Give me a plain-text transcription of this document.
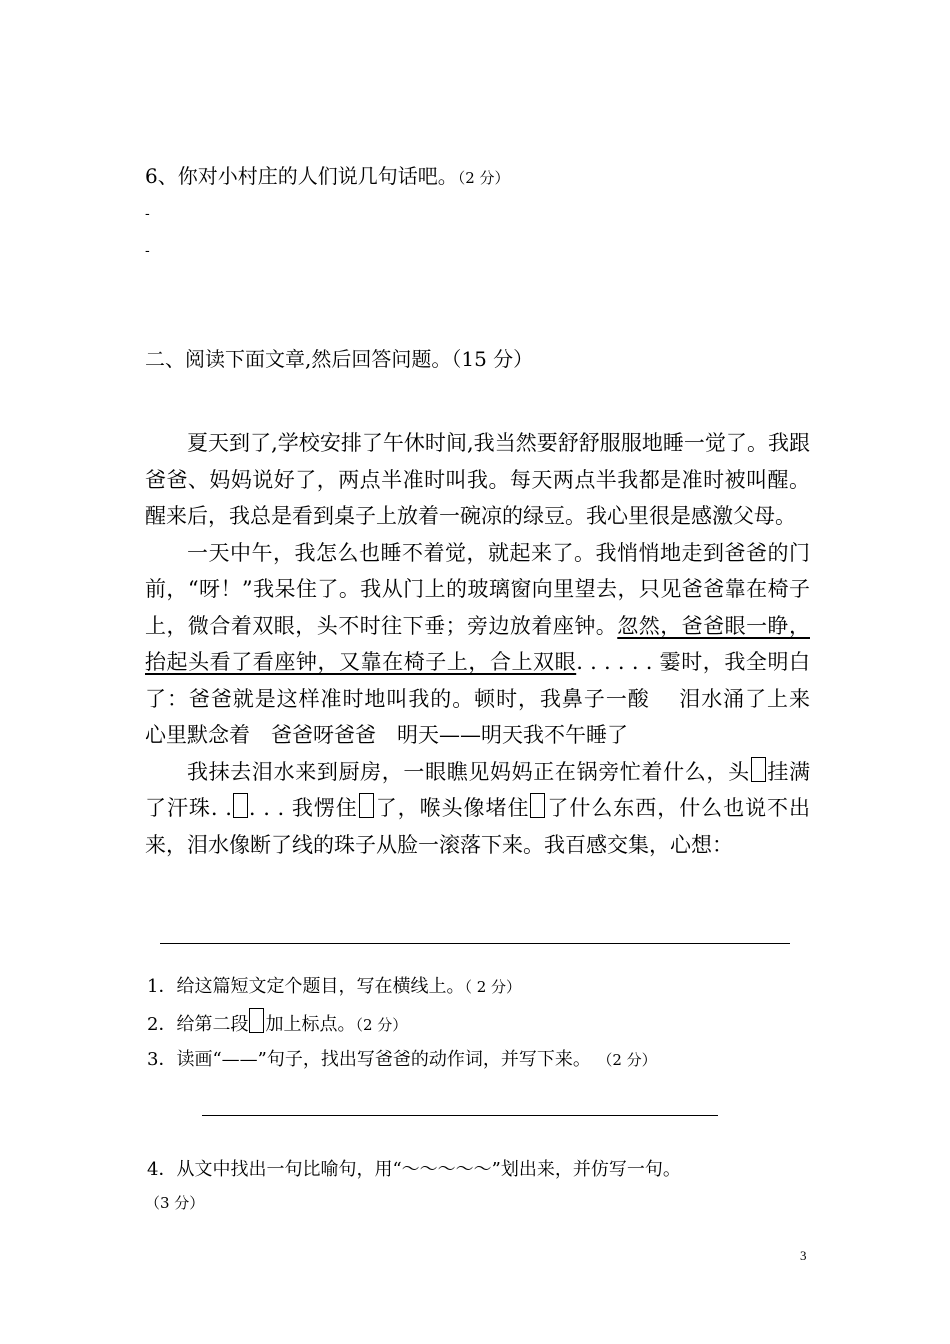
6、你对小村庄的人们说几句话吧。（2 分）
-
-
二、阅读下面文章,然后回答问题。（15 分）

夏天到了,学校安排了午休时间,我当然要舒舒服服地睡一觉了。我跟爸爸、妈妈说好了，两点半准时叫我。每天两点半我都是准时被叫醒。醒来后，我总是看到桌子上放着一碗凉的绿豆。我心里很是感激父母。

一天中午，我怎么也睡不着觉，就起来了。我悄悄地走到爸爸的门前，“呀！”我呆住了。我从门上的玻璃窗向里望去，只见爸爸靠在椅子上，微合着双眼，头不时往下垂；旁边放着座钟。忽然，爸爸眼一睁，抬起头看了看座钟，又靠在椅子上，合上双眼. . . . . . 霎时，我全明白了：爸爸就是这样准时地叫我的。顿时，我鼻子一酸　 泪水涌了上来　心里默念着　爸爸呀爸爸　明天——明天我不午睡了

我抹去泪水来到厨房，一眼瞧见妈妈正在锅旁忙着什么，头 挂满了汗珠. . . . . 我愣住 了，喉头像堵住 了什么东西，什么也说不出来，泪水像断了线的珠子从脸一滚落下来。我百感交集，心想：

1．给这篇短文定个题目，写在横线上。（ 2 分）
2．给第二段 加上标点。（2 分）
3．读画“——”句子，找出写爸爸的动作词，并写下来。 （2 分）
4．从文中找出一句比喻句，用“～～～～～”划出来，并仿写一句。
（3 分）
3
